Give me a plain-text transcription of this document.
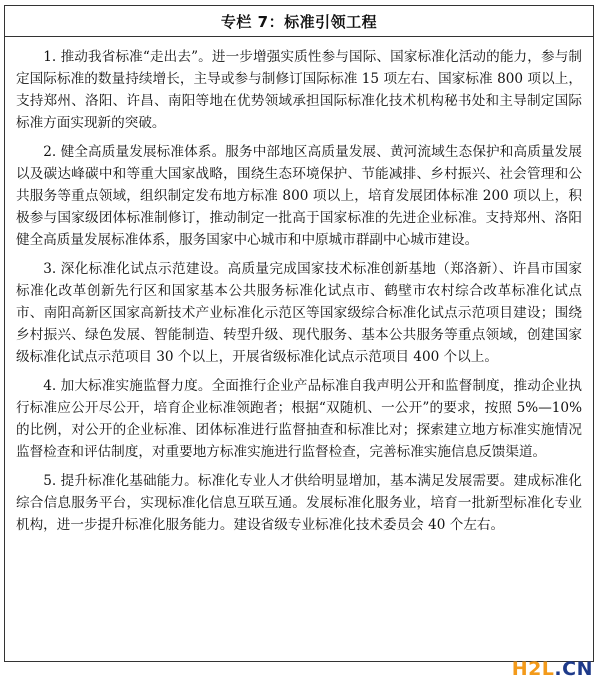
专栏 7：标准引领工程

1. 推动我省标准“走出去”。进一步增强实质性参与国际、国家标准化活动的能力，参与制定国际标准的数量持续增长，主导或参与制修订国际标准 15 项左右、国家标准 800 项以上，支持郑州、洛阳、许昌、南阳等地在优势领域承担国际标准化技术机构秘书处和主导制定国际标准方面实现新的突破。

2. 健全高质量发展标准体系。服务中部地区高质量发展、黄河流域生态保护和高质量发展以及碳达峰碳中和等重大国家战略，围绕生态环境保护、节能减排、乡村振兴、社会管理和公共服务等重点领域，组织制定发布地方标准 800 项以上，培育发展团体标准 200 项以上，积极参与国家级团体标准制修订，推动制定一批高于国家标准的先进企业标准。支持郑州、洛阳健全高质量发展标准体系，服务国家中心城市和中原城市群副中心城市建设。

3. 深化标准化试点示范建设。高质量完成国家技术标准创新基地（郑洛新）、许昌市国家标准化改革创新先行区和国家基本公共服务标准化试点市、鹤壁市农村综合改革标准化试点市、南阳高新区国家高新技术产业标准化示范区等国家级综合标准化试点示范项目建设；围绕乡村振兴、绿色发展、智能制造、转型升级、现代服务、基本公共服务等重点领域，创建国家级标准化试点示范项目 30 个以上，开展省级标准化试点示范项目 400 个以上。

4. 加大标准实施监督力度。全面推行企业产品标准自我声明公开和监督制度，推动企业执行标准应公开尽公开，培育企业标准领跑者；根据“双随机、一公开”的要求，按照 5%—10%的比例，对公开的企业标准、团体标准进行监督抽查和标准比对；探索建立地方标准实施情况监督检查和评估制度，对重要地方标准实施进行监督检查，完善标准实施信息反馈渠道。

5. 提升标准化基础能力。标准化专业人才供给明显增加，基本满足发展需要。建成标准化综合信息服务平台，实现标准化信息互联互通。发展标准化服务业，培育一批新型标准化专业机构，进一步提升标准化服务能力。建设省级专业标准化技术委员会 40 个左右。

H2L.CN
